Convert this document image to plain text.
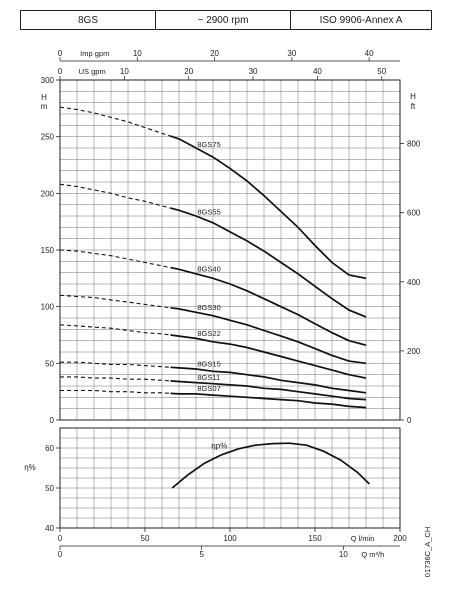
8GS	~ 2900 rpm	ISO 9906-Annex A
0
50
100
150
200
250
300
H
m
0
200
400
600
800
H
ft
0	10	20	30	40
Imp gpm
0	10	20	30	40	50
US gpm
8GS75
8GS55
8GS40
8GS30
8GS22
8GS15
8GS11
8GS07
40
50
60
η%
ηp%
0	50	100	150	200
Q l/min
0	5	10 Q m³/h	01736C_A_CH
